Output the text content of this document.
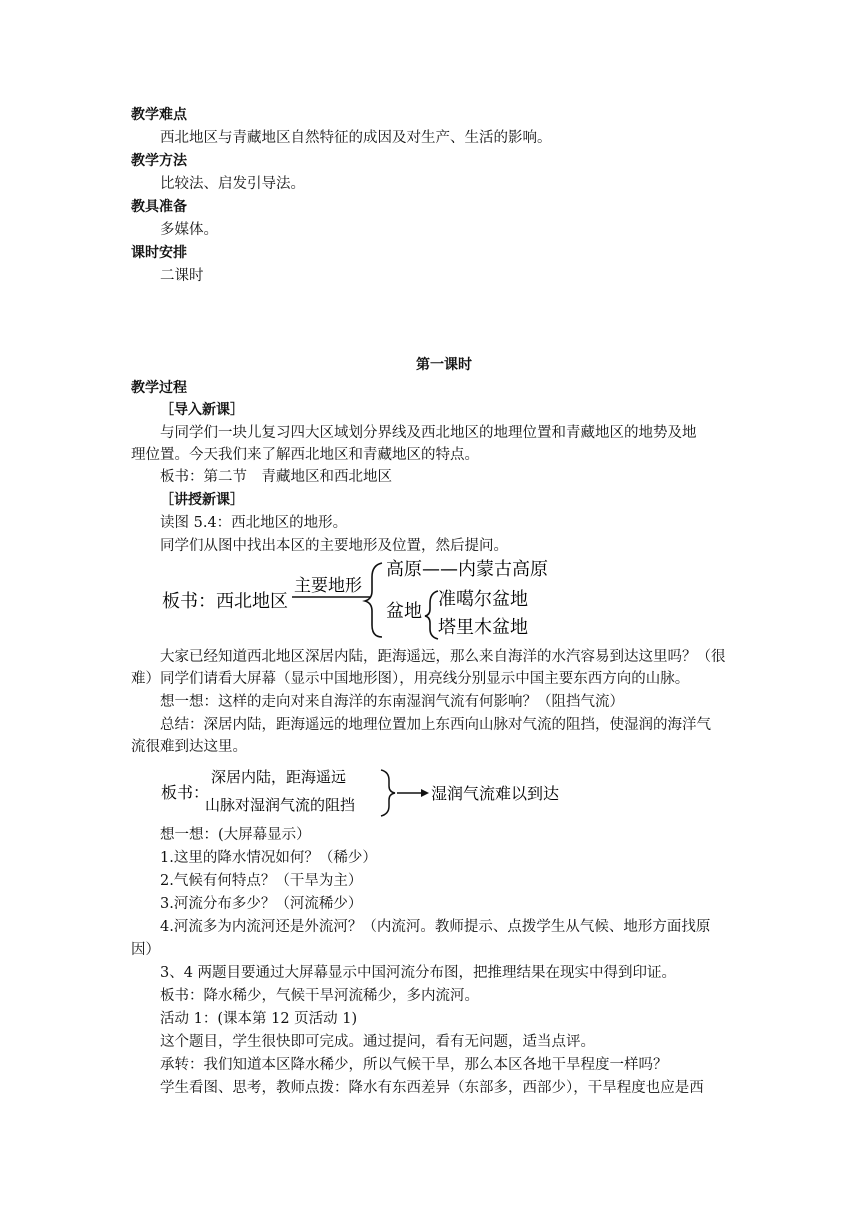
教学难点
西北地区与青藏地区自然特征的成因及对生产、生活的影响。
教学方法
比较法、启发引导法。
教具准备
多媒体。
课时安排
二课时
第一课时
教学过程
［导入新课］
与同学们一块儿复习四大区域划分界线及西北地区的地理位置和青藏地区的地势及地
理位置。今天我们来了解西北地区和青藏地区的特点。
板书：第二节　青藏地区和西北地区
［讲授新课］
读图 5.4：西北地区的地形。
同学们从图中找出本区的主要地形及位置，然后提问。
板书：西北地区
主要地形
高原——内蒙古高原
盆地
准噶尔盆地
塔里木盆地
大家已经知道西北地区深居内陆，距海遥远，那么来自海洋的水汽容易到达这里吗？（很
难）同学们请看大屏幕（显示中国地形图），用亮线分别显示中国主要东西方向的山脉。
想一想：这样的走向对来自海洋的东南湿润气流有何影响？（阻挡气流）
总结：深居内陆，距海遥远的地理位置加上东西向山脉对气流的阻挡，使湿润的海洋气
流很难到达这里。
板书：
深居内陆，距海遥远
山脉对湿润气流的阻挡
湿润气流难以到达
想一想：(大屏幕显示）
1.这里的降水情况如何？（稀少）
2.气候有何特点？（干旱为主）
3.河流分布多少？（河流稀少）
4.河流多为内流河还是外流河？（内流河。教师提示、点拨学生从气候、地形方面找原
因）
3、4 两题目要通过大屏幕显示中国河流分布图，把推理结果在现实中得到印证。
板书：降水稀少，气候干旱河流稀少，多内流河。
活动 1：(课本第 12 页活动 1)
这个题目，学生很快即可完成。通过提问，看有无问题，适当点评。
承转：我们知道本区降水稀少，所以气候干旱，那么本区各地干旱程度一样吗？
学生看图、思考，教师点拨：降水有东西差异（东部多，西部少），干旱程度也应是西
